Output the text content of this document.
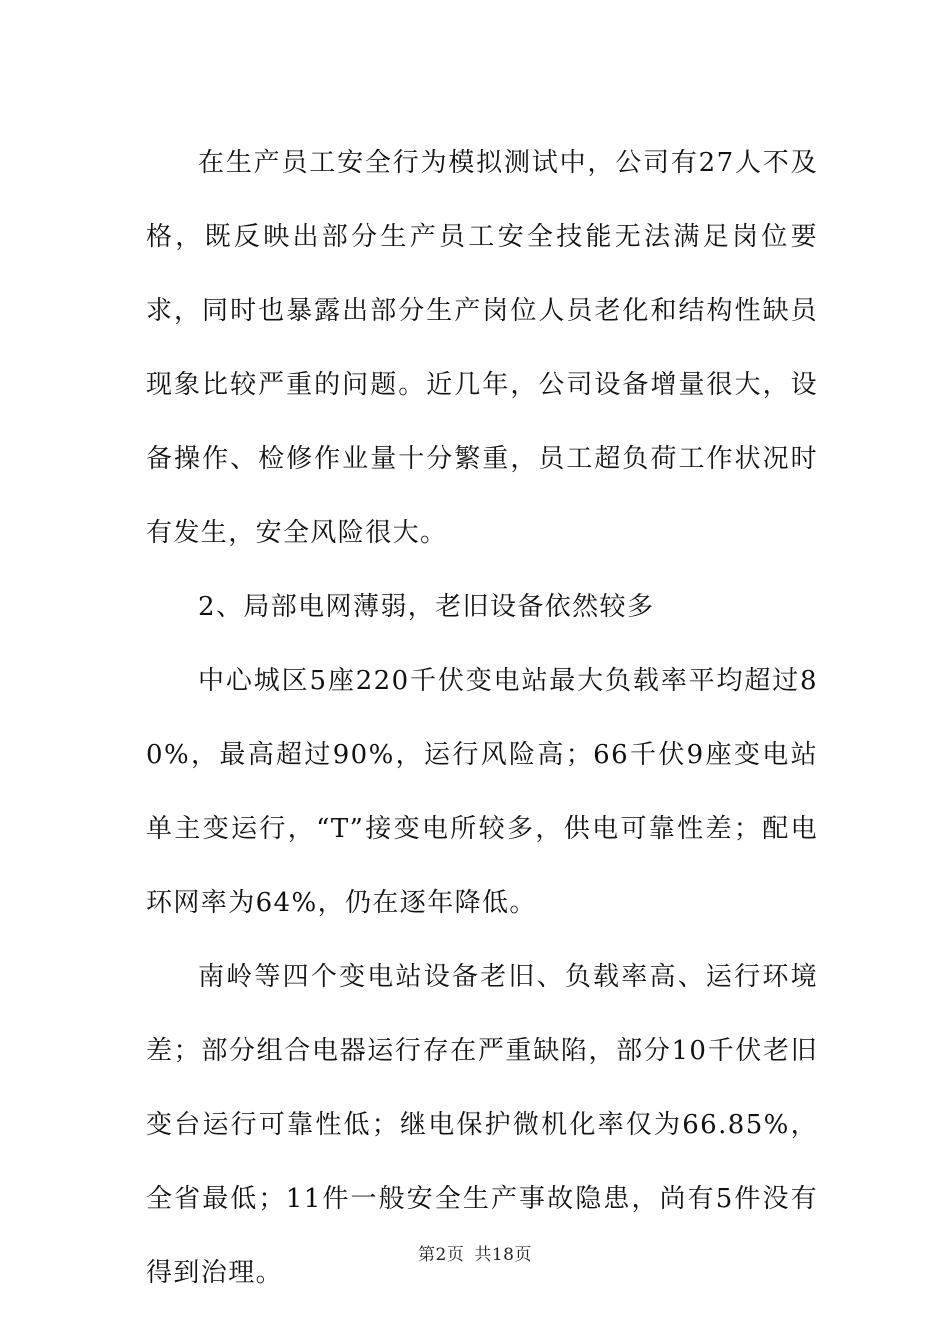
在生产员工安全行为模拟测试中，公司有27人不及格，既反映出部分生产员工安全技能无法满足岗位要求，同时也暴露出部分生产岗位人员老化和结构性缺员现象比较严重的问题。近几年，公司设备增量很大，设备操作、检修作业量十分繁重，员工超负荷工作状况时有发生，安全风险很大。

2、局部电网薄弱，老旧设备依然较多

中心城区5座220千伏变电站最大负载率平均超过80%，最高超过90%，运行风险高；66千伏9座变电站单主变运行，“T”接变电所较多，供电可靠性差；配电环网率为64%，仍在逐年降低。

南岭等四个变电站设备老旧、负载率高、运行环境差；部分组合电器运行存在严重缺陷，部分10千伏老旧变台运行可靠性低；继电保护微机化率仅为66.85%，全省最低；11件一般安全生产事故隐患，尚有5件没有得到治理。

第2页 共18页
